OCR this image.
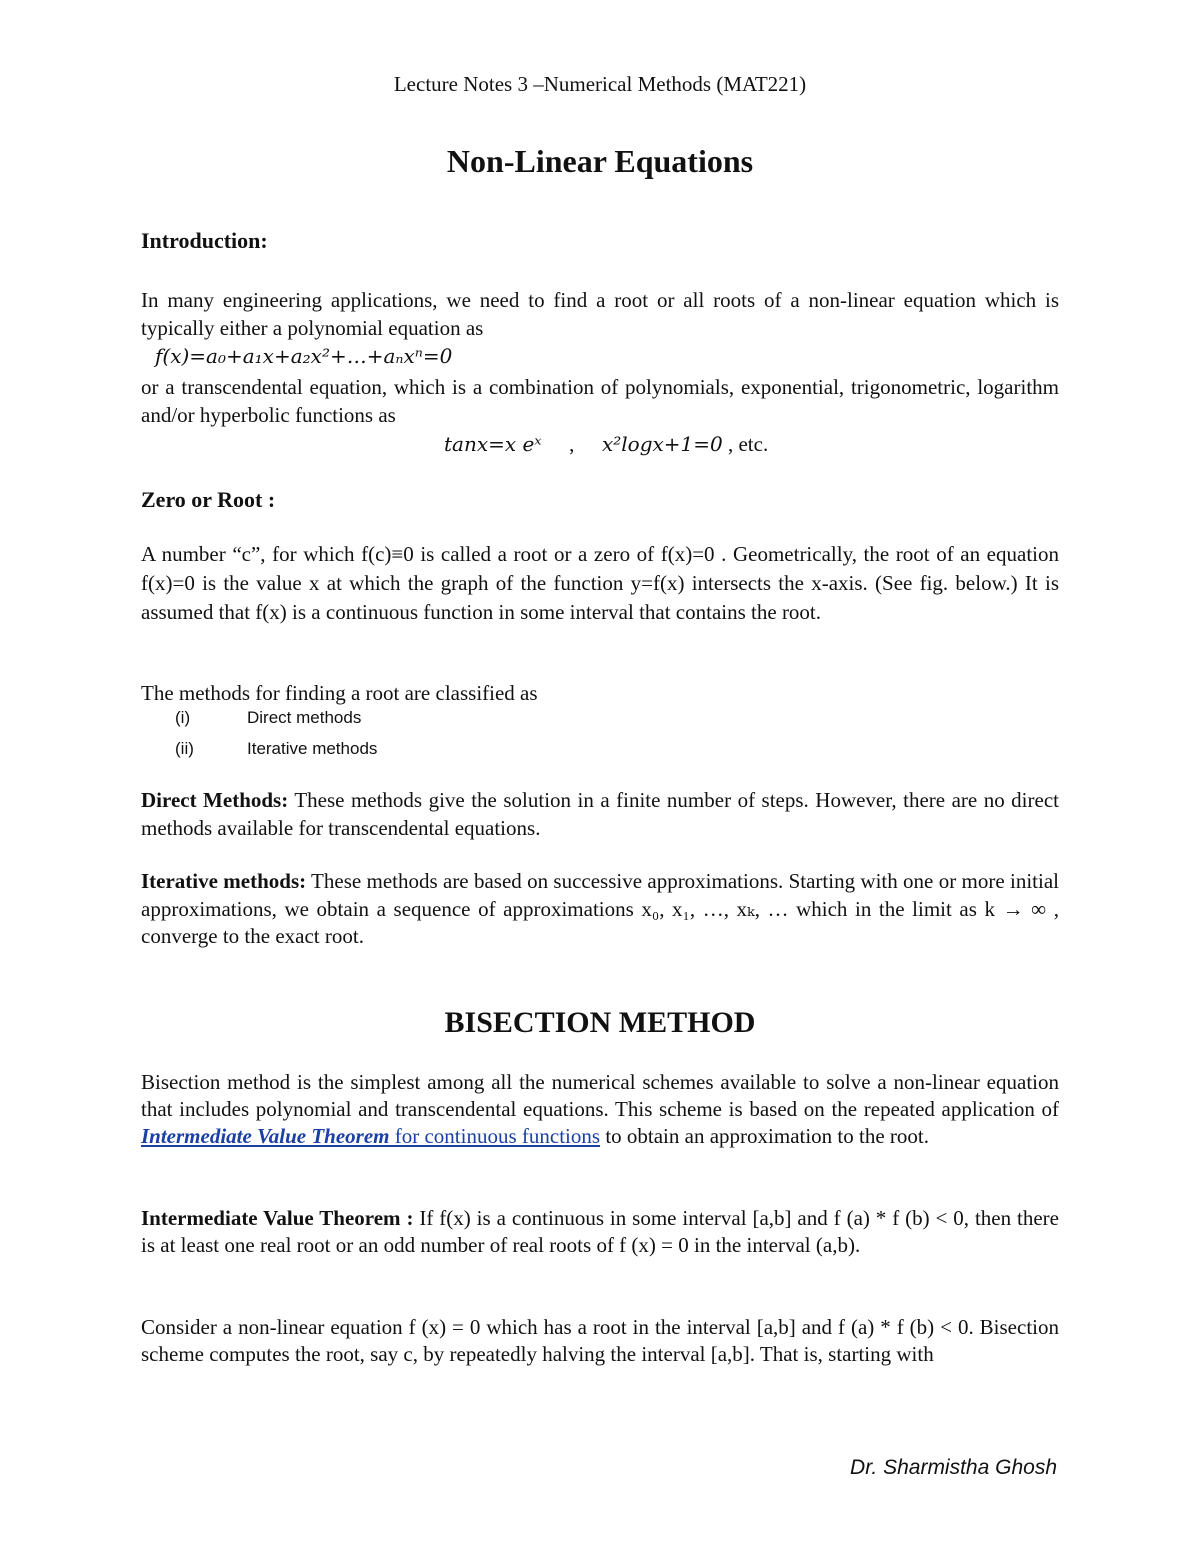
Lecture Notes 3 –Numerical Methods (MAT221)
Non-Linear Equations
Introduction:

In many engineering applications, we need to find a root or all roots of a non-linear equation which is typically either a polynomial equation as

f(x)=a₀+a₁x+a₂x²+…+aₙxⁿ=0

or a transcendental equation, which is a combination of polynomials, exponential, trigonometric, logarithm and/or hyperbolic functions as

tanx=x eˣ , x²logx+1=0 , etc.
Zero or Root :

A number “c”, for which f(c)≡0 is called a root or a zero of f(x)=0 . Geometrically, the root of an equation f(x)=0 is the value x at which the graph of the function y=f(x) intersects the x-axis. (See fig. below.) It is assumed that f(x) is a continuous function in some interval that contains the root.

The methods for finding a root are classified as

(i)	Direct methods
(ii)	Iterative methods

Direct Methods: These methods give the solution in a finite number of steps. However, there are no direct methods available for transcendental equations.

Iterative methods: These methods are based on successive approximations. Starting with one or more initial approximations, we obtain a sequence of approximations x₀, x₁, …, xₖ, … which in the limit as k → ∞ , converge to the exact root.

BISECTION METHOD

Bisection method is the simplest among all the numerical schemes available to solve a non-linear equation that includes polynomial and transcendental equations. This scheme is based on the repeated application of Intermediate Value Theorem for continuous functions to obtain an approximation to the root.

Intermediate Value Theorem : If f(x) is a continuous in some interval [a,b] and f (a) * f (b) < 0, then there is at least one real root or an odd number of real roots of f (x) = 0 in the interval (a,b).

Consider a non-linear equation f (x) = 0 which has a root in the interval [a,b] and f (a) * f (b) < 0. Bisection scheme computes the root, say c, by repeatedly halving the interval [a,b]. That is, starting with

Dr. Sharmistha Ghosh
